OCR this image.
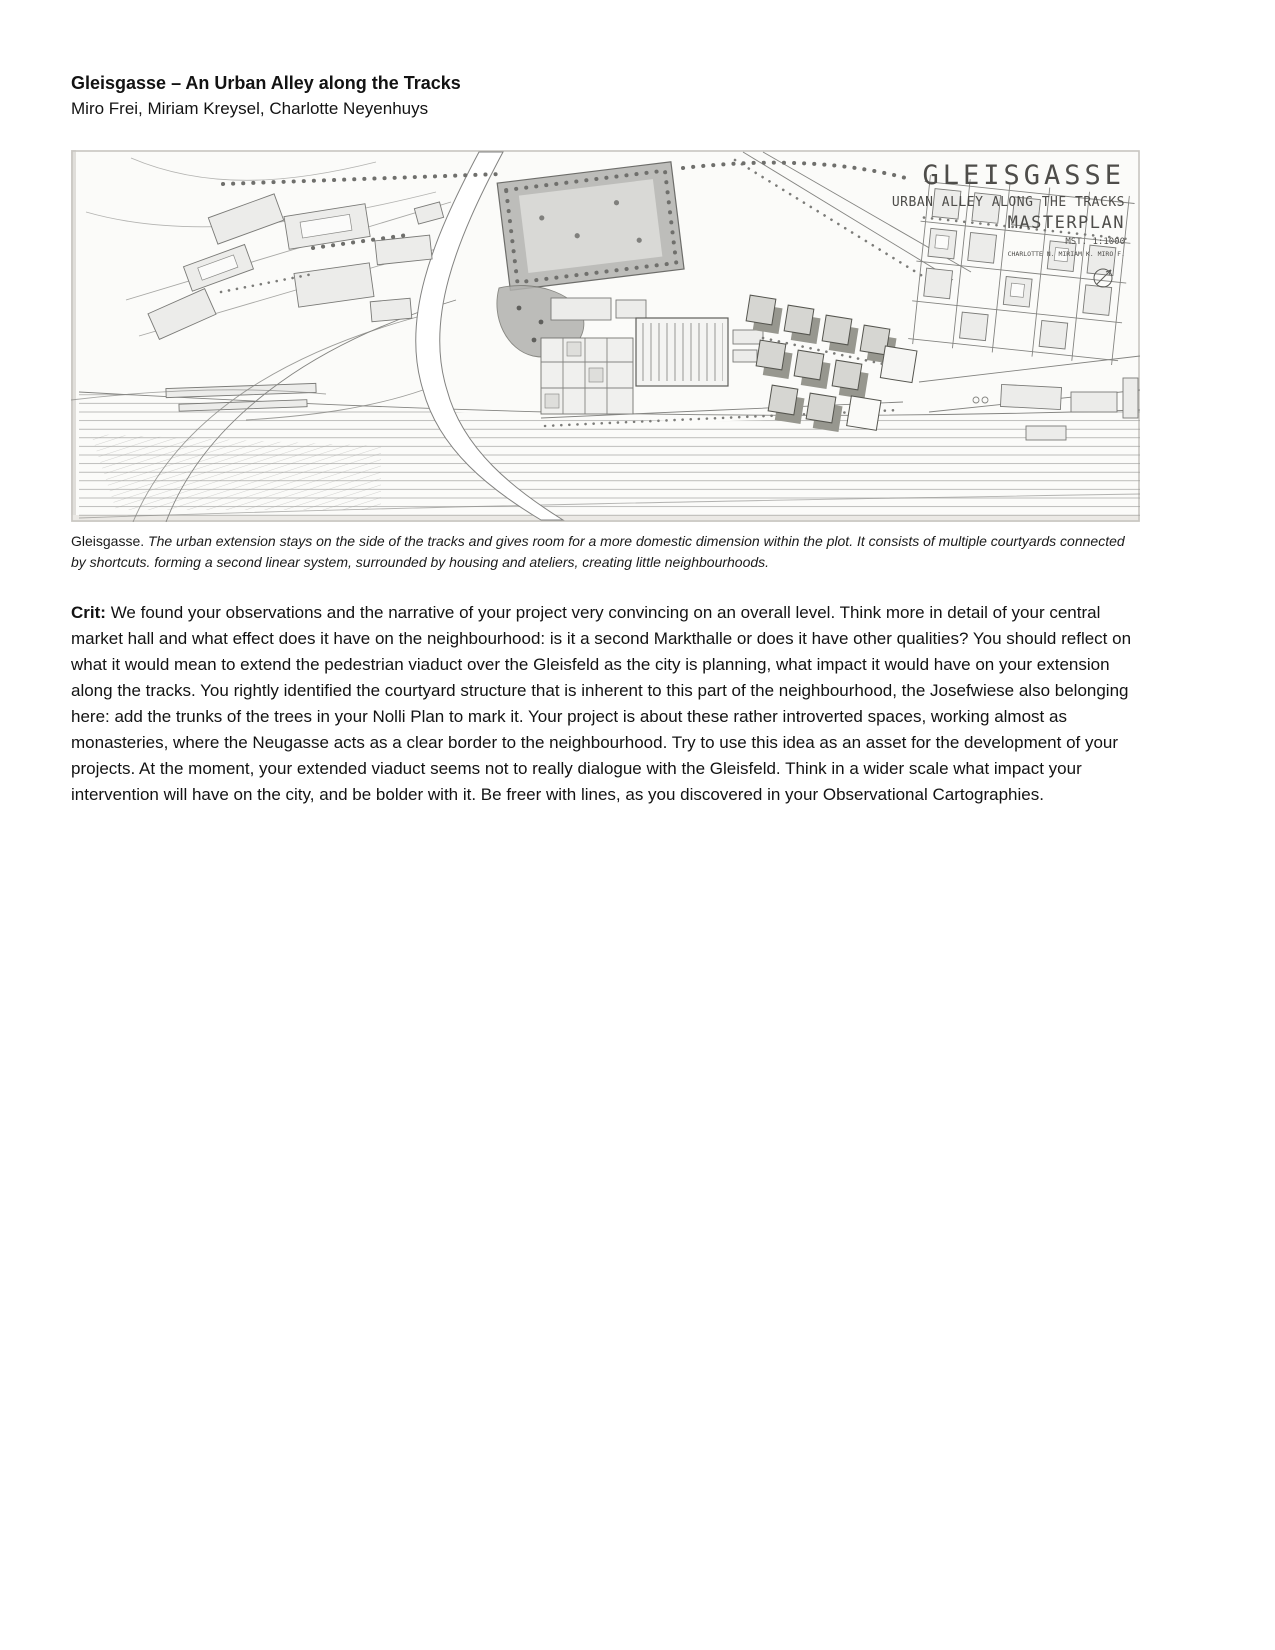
Gleisgasse – An Urban Alley along the Tracks

Miro Frei, Miriam Kreysel, Charlotte Neyenhuys

GLEISGASSE
URBAN ALLEY ALONG THE TRACKS
MASTERPLAN
MST. 1:1000
CHARLOTTE N. MIRIAM K. MIRO F.

Gleisgasse. The urban extension stays on the side of the tracks and gives room for a more domestic dimension within the plot. It consists of multiple courtyards connected by shortcuts. forming a second linear system, surrounded by housing and ateliers, creating little neighbourhoods.

Crit: We found your observations and the narrative of your project very convincing on an overall level. Think more in detail of your central market hall and what effect does it have on the neighbourhood: is it a second Markthalle or does it have other qualities? You should reflect on what it would mean to extend the pedestrian viaduct over the Gleisfeld as the city is planning, what impact it would have on your extension along the tracks. You rightly identified the courtyard structure that is inherent to this part of the neighbourhood, the Josefwiese also belonging here: add the trunks of the trees in your Nolli Plan to mark it. Your project is about these rather introverted spaces, working almost as monasteries, where the Neugasse acts as a clear border to the neighbourhood. Try to use this idea as an asset for the development of your projects. At the moment, your extended viaduct seems not to really dialogue with the Gleisfeld. Think in a wider scale what impact your intervention will have on the city, and be bolder with it. Be freer with lines, as you discovered in your Observational Cartographies.
